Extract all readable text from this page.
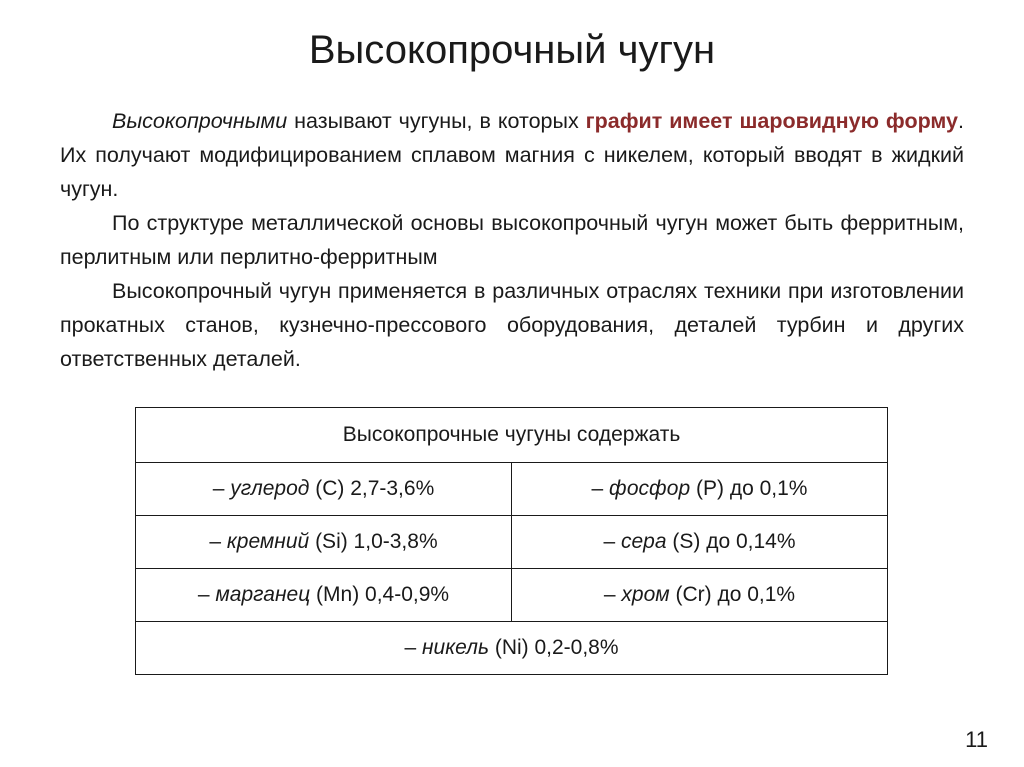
Высокопрочный чугун

Высокопрочными называют чугуны, в которых графит имеет шаровидную форму. Их получают модифицированием сплавом магния с никелем, который вводят в жидкий чугун.

По структуре металлической основы высокопрочный чугун может быть ферритным, перлитным или перлитно-ферритным

Высокопрочный чугун применяется в различных отраслях техники при изготовлении прокатных станов, кузнечно-прессового оборудования, деталей турбин и других ответственных деталей.

Высокопрочные чугуны содержать	
– углерод (С) 2,7-3,6%	– фосфор (Р) до 0,1%
– кремний (Si) 1,0-3,8%	– сера (S) до 0,14%
– марганец (Mn) 0,4-0,9%	– хром (Cr) до 0,1%
– никель (Ni) 0,2-0,8%	
11
